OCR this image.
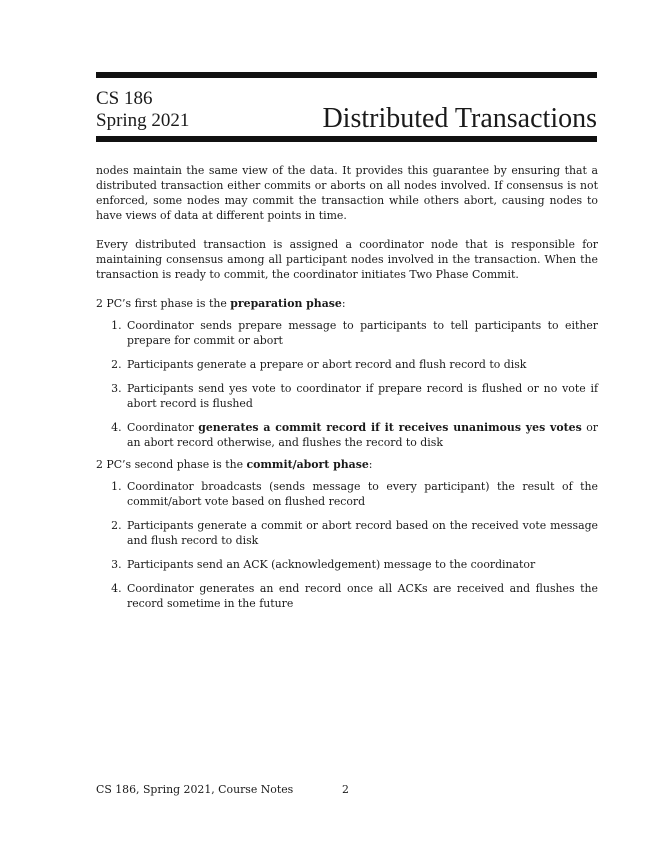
CS 186
Spring 2021	Distributed Transactions

nodes maintain the same view of the data. It provides this guarantee by ensuring that a distributed transaction either commits or aborts on all nodes involved. If consensus is not enforced, some nodes may commit the transaction while others abort, causing nodes to have views of data at different points in time.

Every distributed transaction is assigned a coordinator node that is responsible for maintaining consensus among all participant nodes involved in the transaction. When the transaction is ready to commit, the coordinator initiates Two Phase Commit.

2 PC’s first phase is the preparation phase:

1. Coordinator sends prepare message to participants to tell participants to either prepare for commit or abort
2. Participants generate a prepare or abort record and flush record to disk
3. Participants send yes vote to coordinator if prepare record is flushed or no vote if abort record is flushed
4. Coordinator generates a commit record if it receives unanimous yes votes or an abort record otherwise, and flushes the record to disk

2 PC’s second phase is the commit/abort phase:

1. Coordinator broadcasts (sends message to every participant) the result of the commit/abort vote based on flushed record
2. Participants generate a commit or abort record based on the received vote message and flush record to disk
3. Participants send an ACK (acknowledgement) message to the coordinator
4. Coordinator generates an end record once all ACKs are received and flushes the record sometime in the future
CS 186, Spring 2021, Course Notes	2
